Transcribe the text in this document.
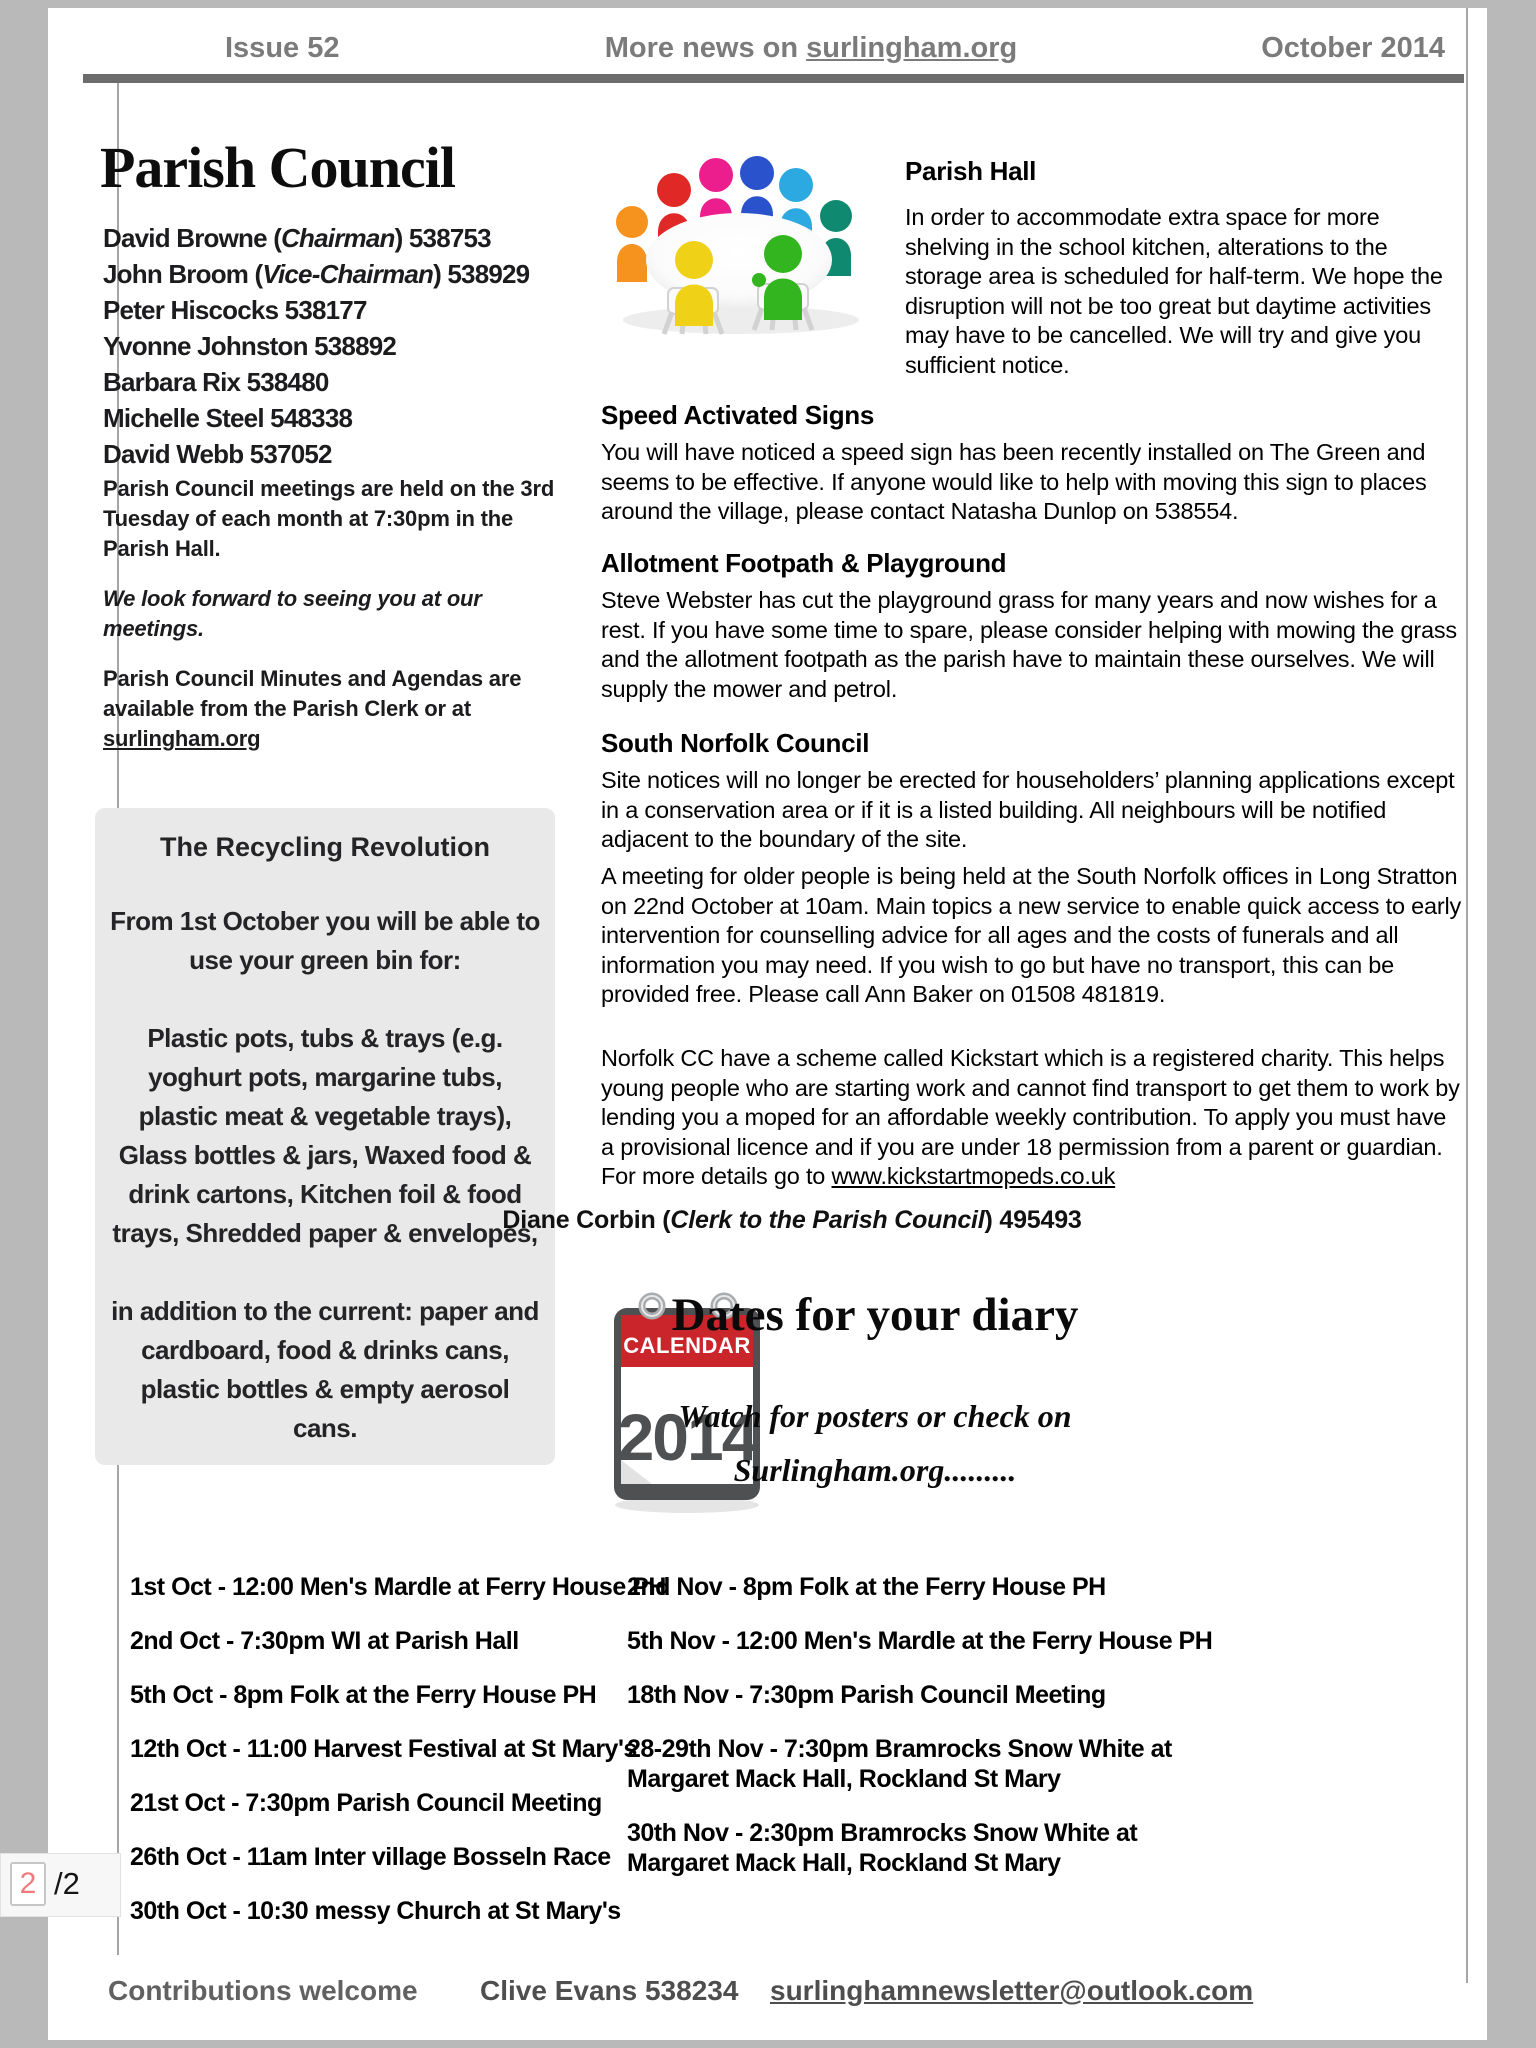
Issue 52	More news on surlingham.org	October 2014
Parish Council
David Browne (Chairman) 538753
John Broom (Vice-Chairman) 538929
Peter Hiscocks 538177
Yvonne Johnston 538892
Barbara Rix 538480
Michelle Steel 548338
David Webb 537052
Parish Council meetings are held on the 3rd Tuesday of each month at 7:30pm in the Parish Hall.
We look forward to seeing you at our meetings.
Parish Council Minutes and Agendas are available from the Parish Clerk or at surlingham.org
The Recycling Revolution

From 1st October you will be able to use your green bin for:

Plastic pots, tubs & trays (e.g. yoghurt pots, margarine tubs, plastic meat & vegetable trays), Glass bottles & jars, Waxed food & drink cartons, Kitchen foil & food trays, Shredded paper & envelopes,

in addition to the current: paper and cardboard, food & drinks cans, plastic bottles & empty aerosol cans.

Parish Hall
In order to accommodate extra space for more shelving in the school kitchen, alterations to the storage area is scheduled for half-term. We hope the disruption will not be too great but daytime activities may have to be cancelled. We will try and give you sufficient notice.
Speed Activated Signs
You will have noticed a speed sign has been recently installed on The Green and seems to be effective. If anyone would like to help with moving this sign to places around the village, please contact Natasha Dunlop on 538554.
Allotment Footpath & Playground
Steve Webster has cut the playground grass for many years and now wishes for a rest. If you have some time to spare, please consider helping with mowing the grass and the allotment footpath as the parish have to maintain these ourselves. We will supply the mower and petrol.
South Norfolk Council
Site notices will no longer be erected for householders’ planning applications except in a conservation area or if it is a listed building. All neighbours will be notified adjacent to the boundary of the site.
A meeting for older people is being held at the South Norfolk offices in Long Stratton on 22nd October at 10am. Main topics a new service to enable quick access to early intervention for counselling advice for all ages and the costs of funerals and all information you may need. If you wish to go but have no transport, this can be provided free. Please call Ann Baker on 01508 481819.
Norfolk CC have a scheme called Kickstart which is a registered charity. This helps young people who are starting work and cannot find transport to get them to work by lending you a moped for an affordable weekly contribution. To apply you must have a provisional licence and if you are under 18 permission from a parent or guardian. For more details go to www.kickstartmopeds.co.uk
Diane Corbin (Clerk to the Parish Council) 495493
CALENDAR
2014
Dates for your diary
Watch for posters or check on
Surlingham.org.........
1st Oct - 12:00 Men's Mardle at Ferry House PH
2nd Oct - 7:30pm WI at Parish Hall
5th Oct - 8pm Folk at the Ferry House PH
12th Oct - 11:00 Harvest Festival at St Mary's
21st Oct - 7:30pm Parish Council Meeting
26th Oct - 11am Inter village Bosseln Race
30th Oct - 10:30 messy Church at St Mary's
2nd Nov - 8pm Folk at the Ferry House PH
5th Nov - 12:00 Men's Mardle at the Ferry House PH
18th Nov - 7:30pm Parish Council Meeting
28-29th Nov - 7:30pm Bramrocks Snow White at
Margaret Mack Hall, Rockland St Mary
30th Nov - 2:30pm Bramrocks Snow White at
Margaret Mack Hall, Rockland St Mary
Contributions welcome Clive Evans 538234 surlinghamnewsletter@outlook.com
2 /2
